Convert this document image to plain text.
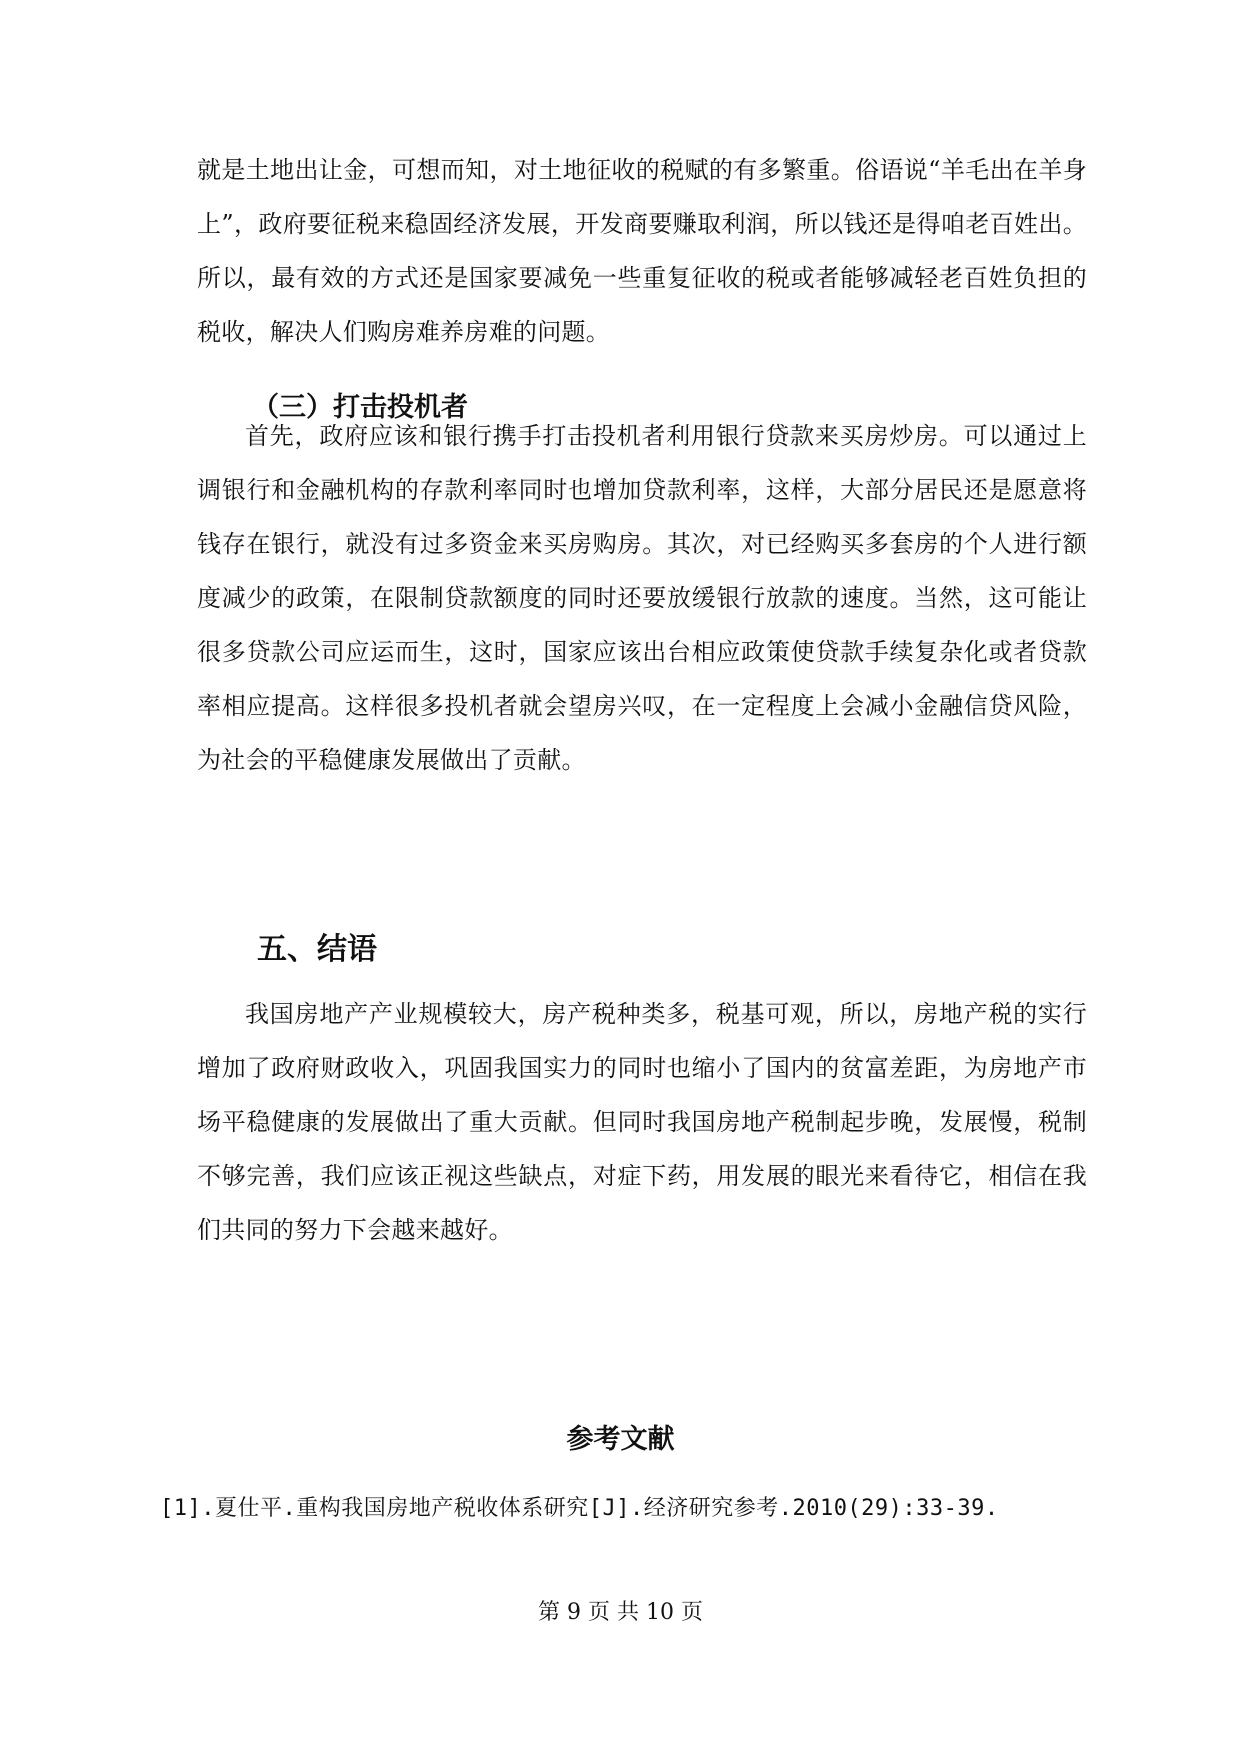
就是土地出让金，可想而知，对土地征收的税赋的有多繁重。俗语说“羊毛出在羊身上”，政府要征税来稳固经济发展，开发商要赚取利润，所以钱还是得咱老百姓出。所以，最有效的方式还是国家要减免一些重复征收的税或者能够减轻老百姓负担的税收，解决人们购房难养房难的问题。

（三）打击投机者

首先，政府应该和银行携手打击投机者利用银行贷款来买房炒房。可以通过上调银行和金融机构的存款利率同时也增加贷款利率，这样，大部分居民还是愿意将钱存在银行，就没有过多资金来买房购房。其次，对已经购买多套房的个人进行额度减少的政策，在限制贷款额度的同时还要放缓银行放款的速度。当然，这可能让很多贷款公司应运而生，这时，国家应该出台相应政策使贷款手续复杂化或者贷款率相应提高。这样很多投机者就会望房兴叹，在一定程度上会减小金融信贷风险，为社会的平稳健康发展做出了贡献。

五、结语

我国房地产产业规模较大，房产税种类多，税基可观，所以，房地产税的实行增加了政府财政收入，巩固我国实力的同时也缩小了国内的贫富差距，为房地产市场平稳健康的发展做出了重大贡献。但同时我国房地产税制起步晚，发展慢，税制不够完善，我们应该正视这些缺点，对症下药，用发展的眼光来看待它，相信在我们共同的努力下会越来越好。

参考文献

[1].夏仕平.重构我国房地产税收体系研究[J].经济研究参考.2010(29):33-39.

第 9 页 共 10 页
